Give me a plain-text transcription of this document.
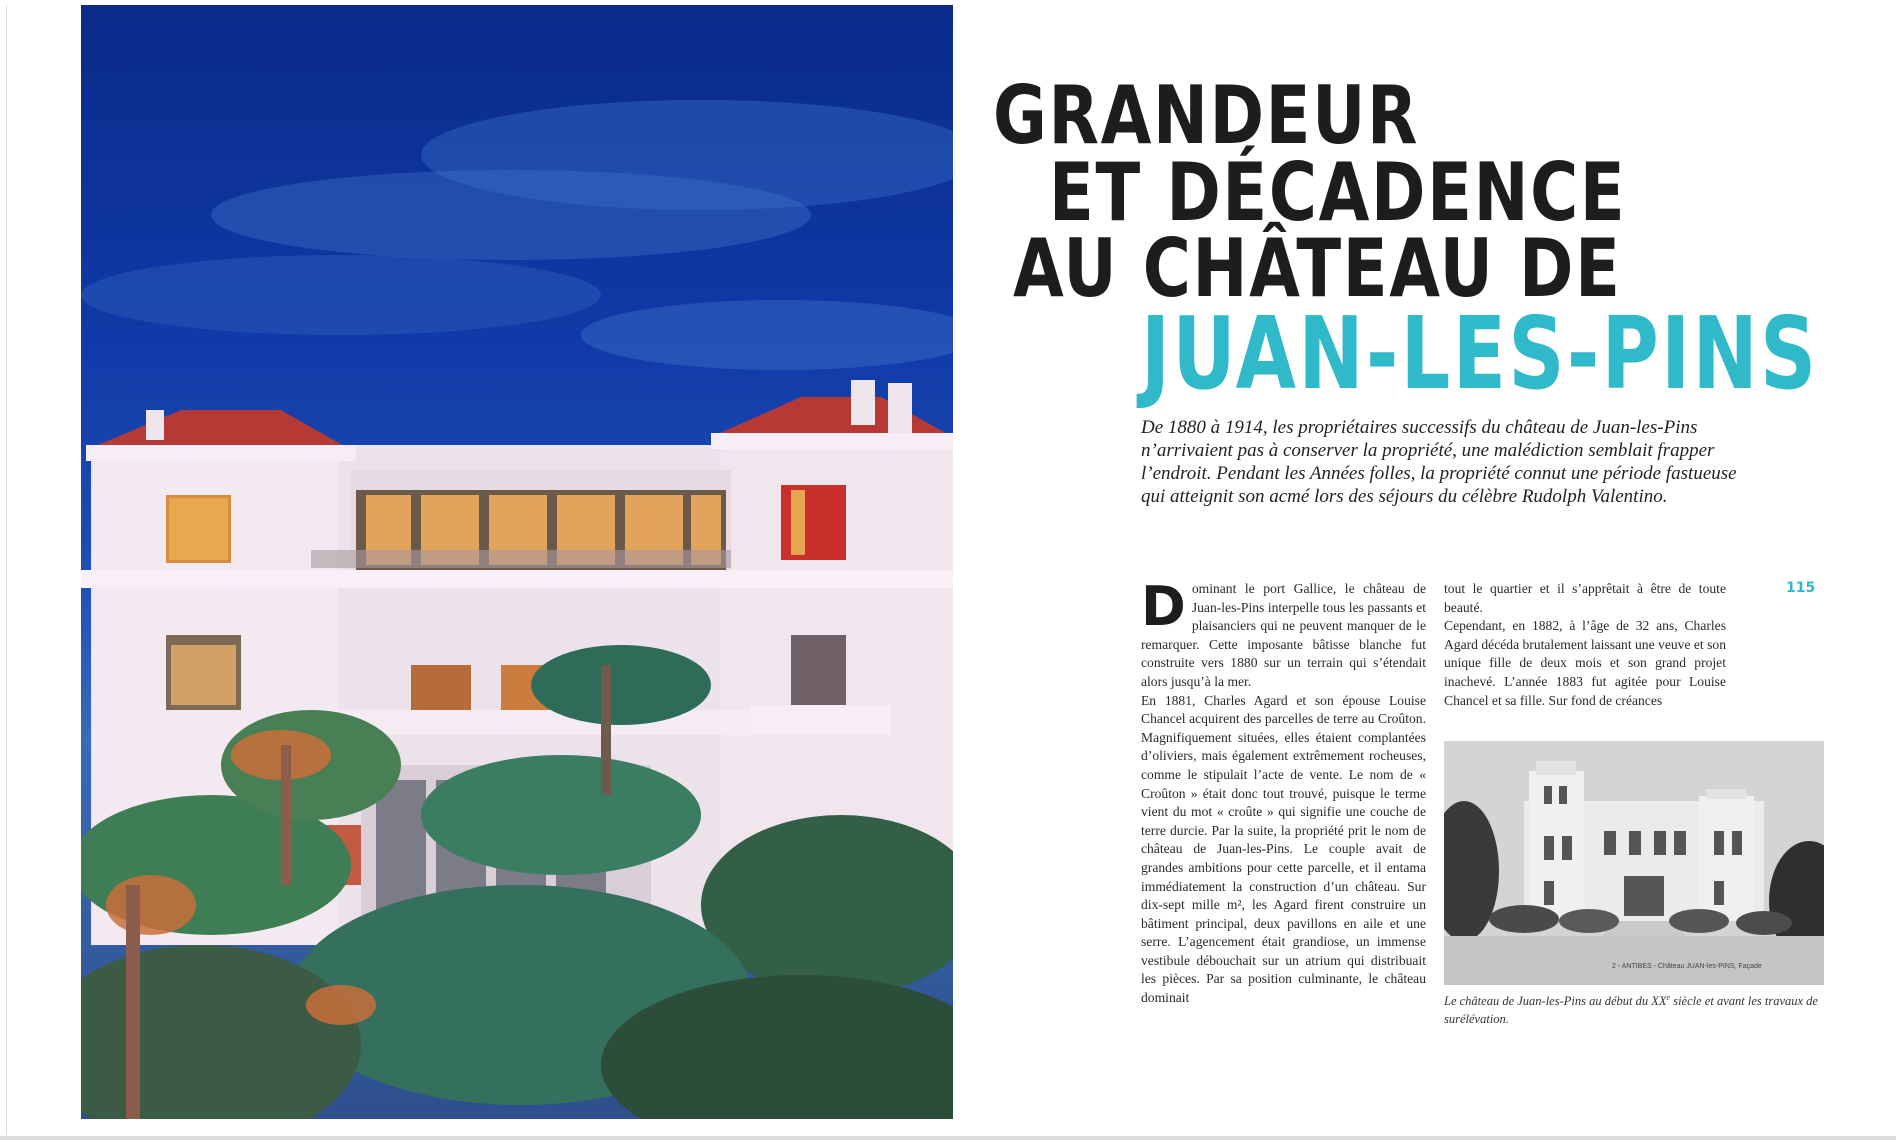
GRANDEUR
ET DÉCADENCE
AU CHÂTEAU DE
JUAN-LES-PINS

De 1880 à 1914, les propriétaires successifs du château de Juan-les-Pins n’arrivaient pas à conserver la propriété, une malédiction semblait frapper l’endroit. Pendant les Années folles, la propriété connut une période fastueuse qui atteignit son acmé lors des séjours du célèbre Rudolph Valentino.

Dominant le port Gallice, le château de Juan-les-Pins interpelle tous les passants et plaisanciers qui ne peuvent manquer de le remarquer. Cette imposante bâtisse blanche fut construite vers 1880 sur un terrain qui s’étendait alors jusqu’à la mer.

En 1881, Charles Agard et son épouse Louise Chancel acquirent des parcelles de terre au Croûton. Magnifiquement situées, elles étaient complantées d’oliviers, mais également extrêmement rocheuses, comme le stipulait l’acte de vente. Le nom de « Croûton » était donc tout trouvé, puisque le terme vient du mot « croûte » qui signifie une couche de terre durcie. Par la suite, la propriété prit le nom de château de Juan-les-Pins. Le couple avait de grandes ambitions pour cette parcelle, et il entama immédiatement la construction d’un château. Sur dix-sept mille m², les Agard firent construire un bâtiment principal, deux pavillons en aile et une serre. L’agencement était grandiose, un immense vestibule débouchait sur un atrium qui distribuait les pièces. Par sa position culminante, le château dominait

tout le quartier et il s’apprêtait à être de toute beauté.

Cependant, en 1882, à l’âge de 32 ans, Charles Agard décéda brutalement laissant une veuve et son unique fille de deux mois et son grand projet inachevé. L’année 1883 fut agitée pour Louise Chancel et sa fille. Sur fond de créances

115
2 - ANTIBES - Château JUAN-les-PINS, Façade

Le château de Juan-les-Pins au début du XXe siècle et avant les travaux de surélévation.
